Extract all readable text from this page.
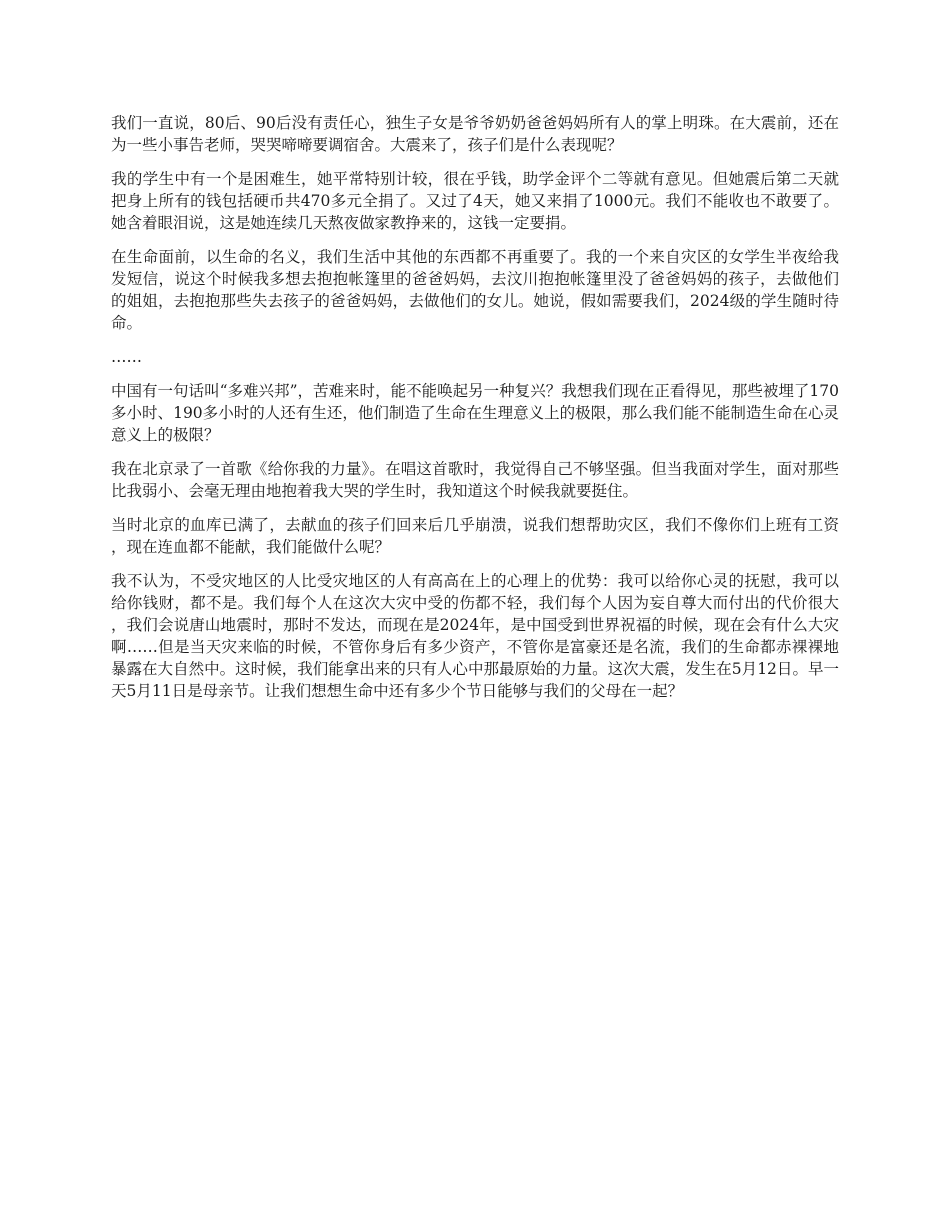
我们一直说，80后、90后没有责任心，独生子女是爷爷奶奶爸爸妈妈所有人的掌上明珠。在大震前，还在为一些小事告老师，哭哭啼啼要调宿舍。大震来了，孩子们是什么表现呢？

我的学生中有一个是困难生，她平常特别计较，很在乎钱，助学金评个二等就有意见。但她震后第二天就把身上所有的钱包括硬币共470多元全捐了。又过了4天，她又来捐了1000元。我们不能收也不敢要了。她含着眼泪说，这是她连续几天熬夜做家教挣来的，这钱一定要捐。

在生命面前，以生命的名义，我们生活中其他的东西都不再重要了。我的一个来自灾区的女学生半夜给我发短信，说这个时候我多想去抱抱帐篷里的爸爸妈妈，去汶川抱抱帐篷里没了爸爸妈妈的孩子，去做他们的姐姐，去抱抱那些失去孩子的爸爸妈妈，去做他们的女儿。她说，假如需要我们，2024级的学生随时待命。

……

中国有一句话叫“多难兴邦”，苦难来时，能不能唤起另一种复兴？我想我们现在正看得见，那些被埋了170多小时、190多小时的人还有生还，他们制造了生命在生理意义上的极限，那么我们能不能制造生命在心灵意义上的极限？

我在北京录了一首歌《给你我的力量》。在唱这首歌时，我觉得自己不够坚强。但当我面对学生，面对那些比我弱小、会毫无理由地抱着我大哭的学生时，我知道这个时候我就要挺住。

当时北京的血库已满了，去献血的孩子们回来后几乎崩溃，说我们想帮助灾区，我们不像你们上班有工资，现在连血都不能献，我们能做什么呢？

我不认为，不受灾地区的人比受灾地区的人有高高在上的心理上的优势：我可以给你心灵的抚慰，我可以给你钱财，都不是。我们每个人在这次大灾中受的伤都不轻，我们每个人因为妄自尊大而付出的代价很大，我们会说唐山地震时，那时不发达，而现在是2024年，是中国受到世界祝福的时候，现在会有什么大灾啊……但是当天灾来临的时候，不管你身后有多少资产，不管你是富豪还是名流，我们的生命都赤裸裸地暴露在大自然中。这时候，我们能拿出来的只有人心中那最原始的力量。这次大震，发生在5月12日。早一天5月11日是母亲节。让我们想想生命中还有多少个节日能够与我们的父母在一起？
